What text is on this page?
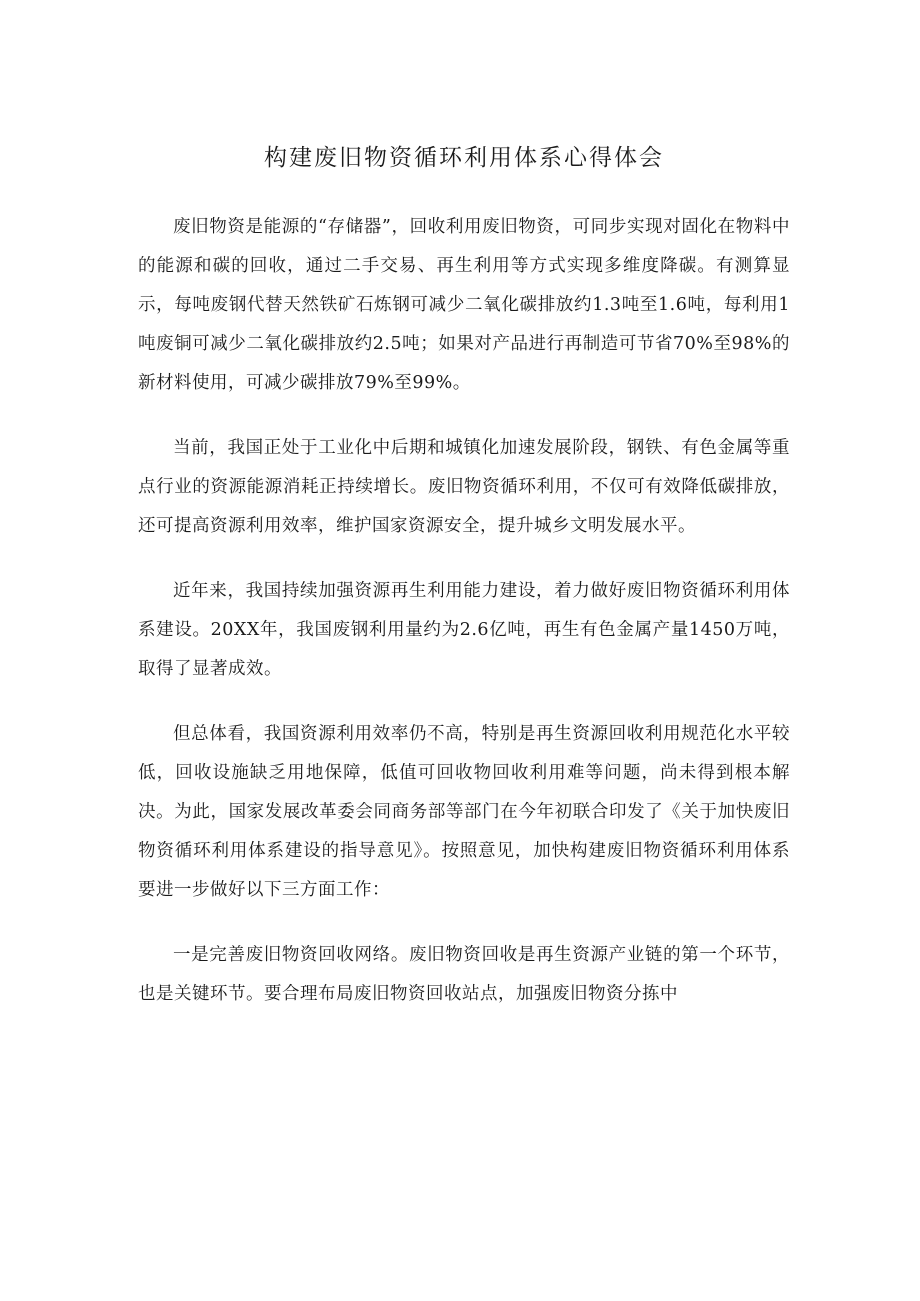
构建废旧物资循环利用体系心得体会

废旧物资是能源的“存储器”，回收利用废旧物资，可同步实现对固化在物料中的能源和碳的回收，通过二手交易、再生利用等方式实现多维度降碳。有测算显示，每吨废钢代替天然铁矿石炼钢可减少二氧化碳排放约1.3吨至1.6吨，每利用1吨废铜可减少二氧化碳排放约2.5吨；如果对产品进行再制造可节省70%至98%的新材料使用，可减少碳排放79%至99%。

当前，我国正处于工业化中后期和城镇化加速发展阶段，钢铁、有色金属等重点行业的资源能源消耗正持续增长。废旧物资循环利用，不仅可有效降低碳排放，还可提高资源利用效率，维护国家资源安全，提升城乡文明发展水平。

近年来，我国持续加强资源再生利用能力建设，着力做好废旧物资循环利用体系建设。20XX年，我国废钢利用量约为2.6亿吨，再生有色金属产量1450万吨，取得了显著成效。

但总体看，我国资源利用效率仍不高，特别是再生资源回收利用规范化水平较低，回收设施缺乏用地保障，低值可回收物回收利用难等问题，尚未得到根本解决。为此，国家发展改革委会同商务部等部门在今年初联合印发了《关于加快废旧物资循环利用体系建设的指导意见》。按照意见，加快构建废旧物资循环利用体系要进一步做好以下三方面工作：

一是完善废旧物资回收网络。废旧物资回收是再生资源产业链的第一个环节，也是关键环节。要合理布局废旧物资回收站点，加强废旧物资分拣中
